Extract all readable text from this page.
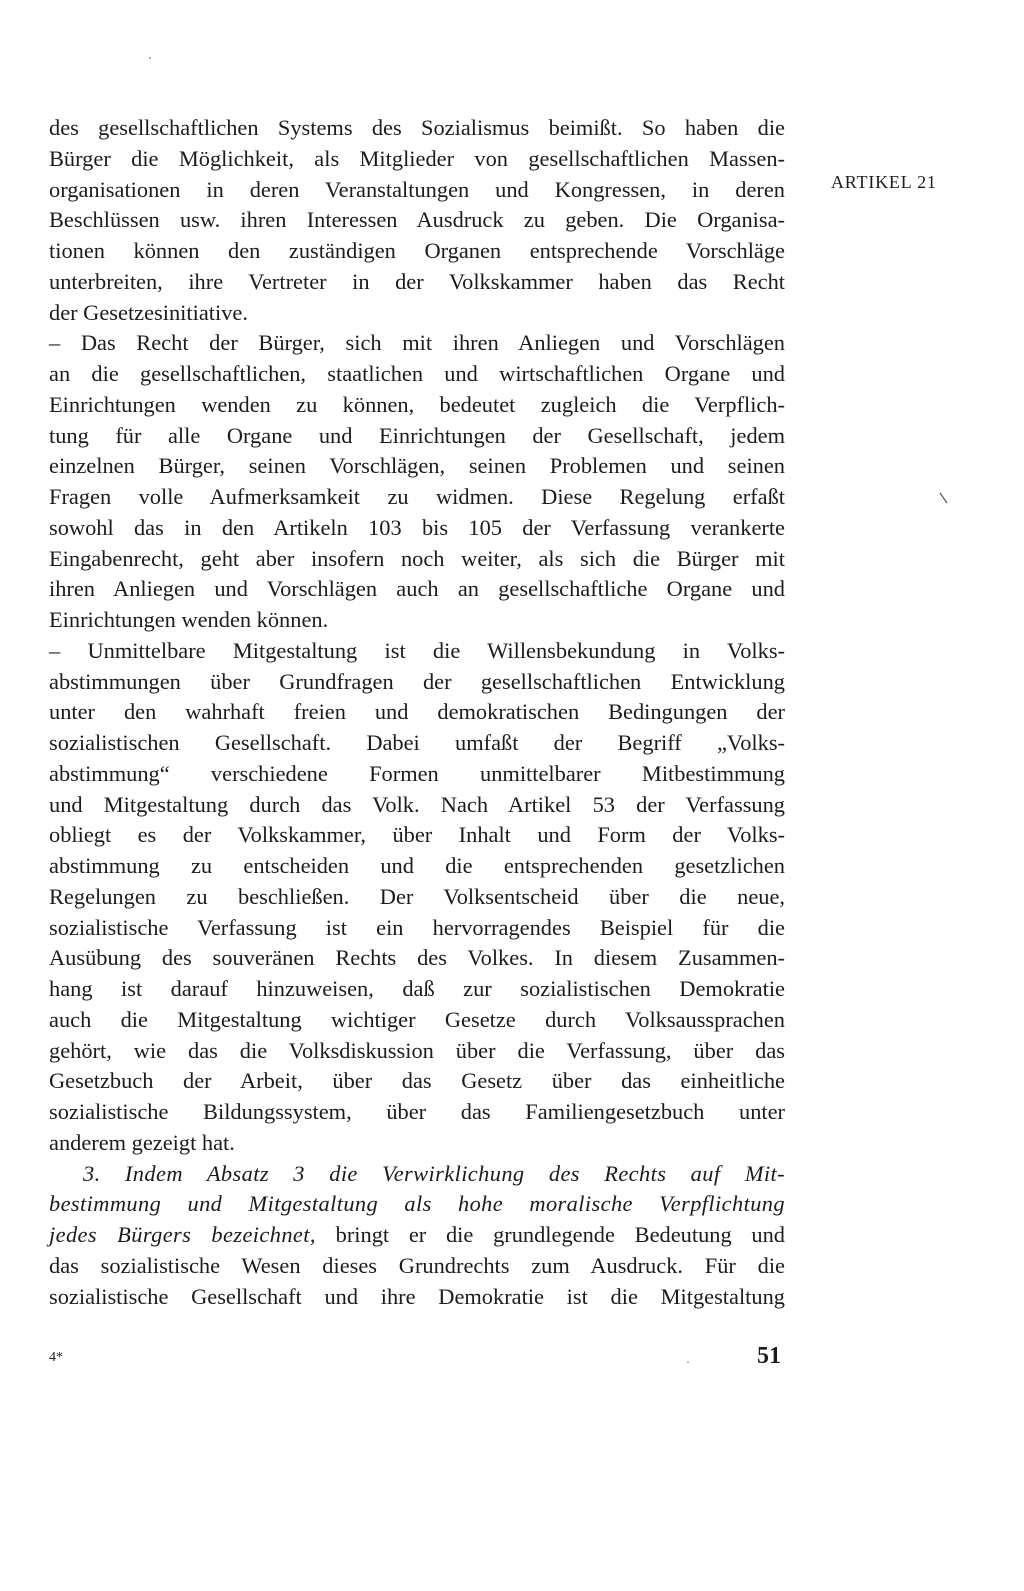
ARTIKEL 21
des gesellschaftlichen Systems des Sozialismus beimißt. So haben die
Bürger die Möglichkeit, als Mitglieder von gesellschaftlichen Massen-
organisationen in deren Veranstaltungen und Kongressen, in deren
Beschlüssen usw. ihren Interessen Ausdruck zu geben. Die Organisa-
tionen können den zuständigen Organen entsprechende Vorschläge
unterbreiten, ihre Vertreter in der Volkskammer haben das Recht
der Gesetzesinitiative.
– Das Recht der Bürger, sich mit ihren Anliegen und Vorschlägen
an die gesellschaftlichen, staatlichen und wirtschaftlichen Organe und
Einrichtungen wenden zu können, bedeutet zugleich die Verpflich-
tung für alle Organe und Einrichtungen der Gesellschaft, jedem
einzelnen Bürger, seinen Vorschlägen, seinen Problemen und seinen
Fragen volle Aufmerksamkeit zu widmen. Diese Regelung erfaßt
sowohl das in den Artikeln 103 bis 105 der Verfassung verankerte
Eingabenrecht, geht aber insofern noch weiter, als sich die Bürger mit
ihren Anliegen und Vorschlägen auch an gesellschaftliche Organe und
Einrichtungen wenden können.
– Unmittelbare Mitgestaltung ist die Willensbekundung in Volks-
abstimmungen über Grundfragen der gesellschaftlichen Entwicklung
unter den wahrhaft freien und demokratischen Bedingungen der
sozialistischen Gesellschaft. Dabei umfaßt der Begriff „Volks-
abstimmung“ verschiedene Formen unmittelbarer Mitbestimmung
und Mitgestaltung durch das Volk. Nach Artikel 53 der Verfassung
obliegt es der Volkskammer, über Inhalt und Form der Volks-
abstimmung zu entscheiden und die entsprechenden gesetzlichen
Regelungen zu beschließen. Der Volksentscheid über die neue,
sozialistische Verfassung ist ein hervorragendes Beispiel für die
Ausübung des souveränen Rechts des Volkes. In diesem Zusammen-
hang ist darauf hinzuweisen, daß zur sozialistischen Demokratie
auch die Mitgestaltung wichtiger Gesetze durch Volksaussprachen
gehört, wie das die Volksdiskussion über die Verfassung, über das
Gesetzbuch der Arbeit, über das Gesetz über das einheitliche
sozialistische Bildungssystem, über das Familiengesetzbuch unter
anderem gezeigt hat.
3. Indem Absatz 3 die Verwirklichung des Rechts auf Mit-
bestimmung und Mitgestaltung als hohe moralische Verpflichtung
jedes Bürgers bezeichnet, bringt er die grundlegende Bedeutung und
das sozialistische Wesen dieses Grundrechts zum Ausdruck. Für die
sozialistische Gesellschaft und ihre Demokratie ist die Mitgestaltung
4*	51
